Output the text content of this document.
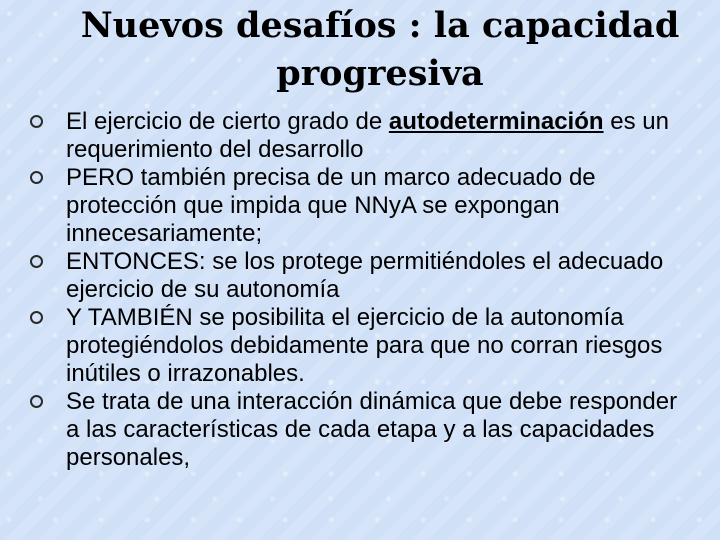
Nuevos desafíos : la capacidad progresiva
El ejercicio de cierto grado de autodeterminación es un requerimiento del desarrollo
PERO también precisa de un marco adecuado de protección que impida que NNyA se expongan innecesariamente;
ENTONCES: se los protege permitiéndoles el adecuado ejercicio de su autonomía
Y TAMBIÉN se posibilita el ejercicio de la autonomía protegiéndolos debidamente para que no corran riesgos inútiles o irrazonables.
Se trata de una interacción dinámica que debe responder a las características de cada etapa y a las capacidades personales,
